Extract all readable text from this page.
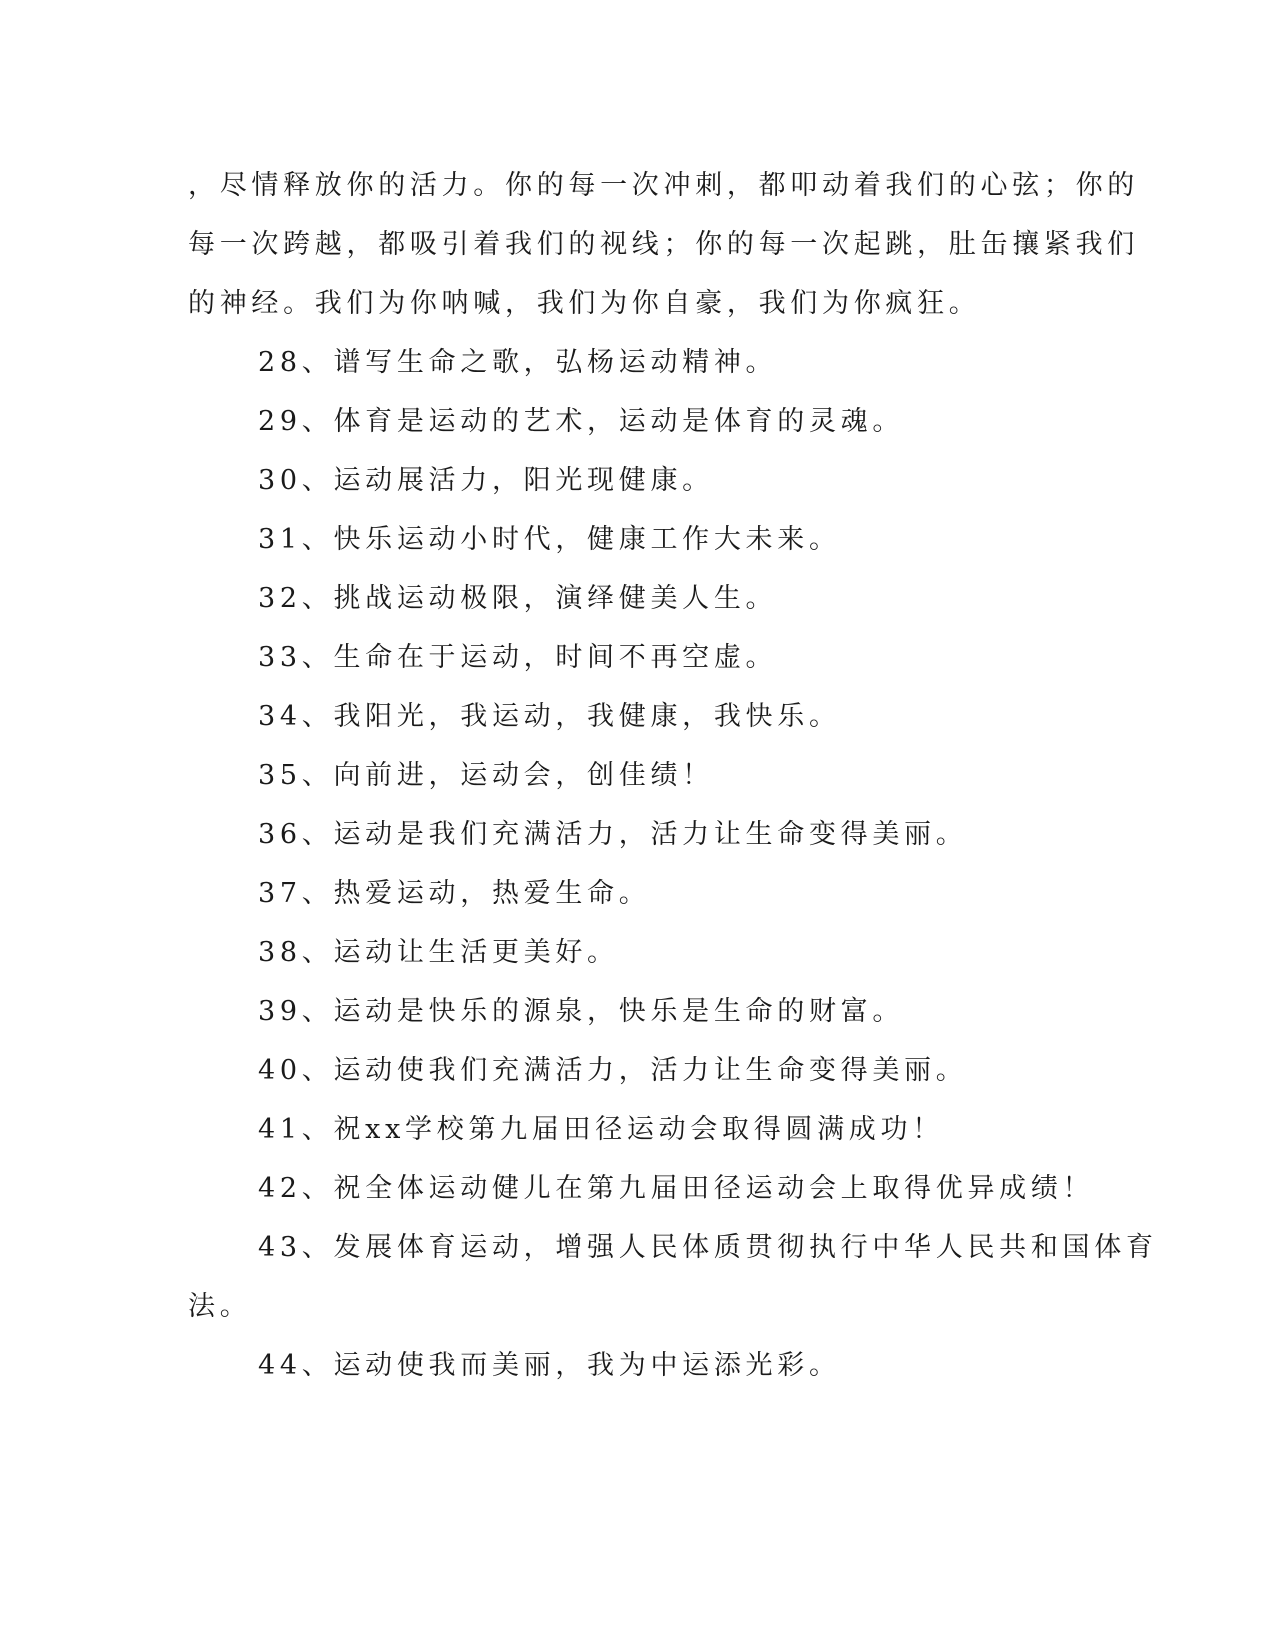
，尽情释放你的活力。你的每一次冲刺，都叩动着我们的心弦；你的
每一次跨越，都吸引着我们的视线；你的每一次起跳，肚缶攘紧我们
的神经。我们为你呐喊，我们为你自豪，我们为你疯狂。
28、谱写生命之歌，弘杨运动精神。
29、体育是运动的艺术，运动是体育的灵魂。
30、运动展活力，阳光现健康。
31、快乐运动小时代，健康工作大未来。
32、挑战运动极限，演绎健美人生。
33、生命在于运动，时间不再空虚。
34、我阳光，我运动，我健康，我快乐。
35、向前进，运动会，创佳绩！
36、运动是我们充满活力，活力让生命变得美丽。
37、热爱运动，热爱生命。
38、运动让生活更美好。
39、运动是快乐的源泉，快乐是生命的财富。
40、运动使我们充满活力，活力让生命变得美丽。
41、祝xx学校第九届田径运动会取得圆满成功！
42、祝全体运动健儿在第九届田径运动会上取得优异成绩！
43、发展体育运动，增强人民体质贯彻执行中华人民共和国体育
法。
44、运动使我而美丽，我为中运添光彩。
